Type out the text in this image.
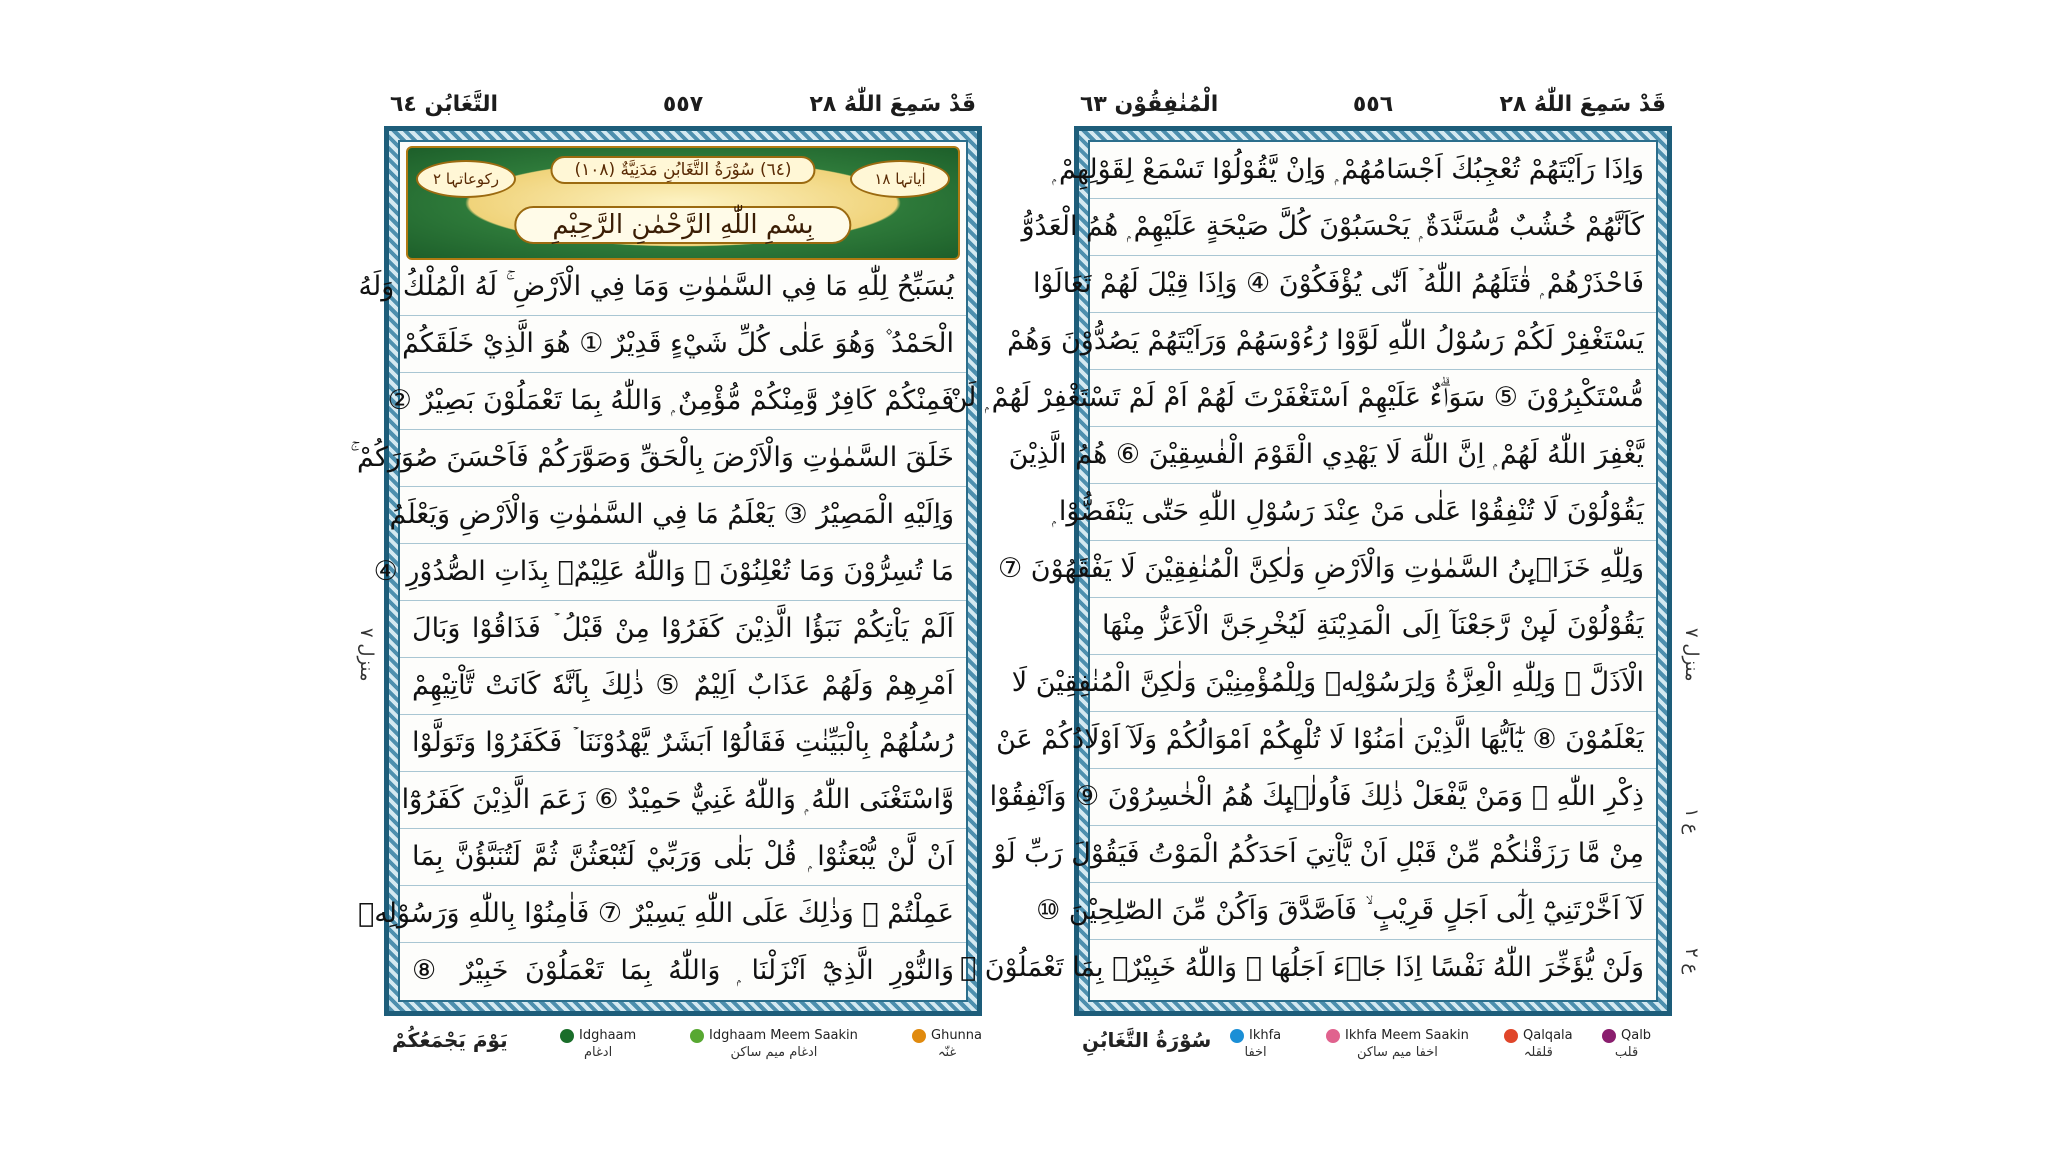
التَّغَابُن ٦٤	٥٥٧	قَدْ سَمِعَ اللّٰهُ ٢٨
اٰیاتہا ١٨
(٦٤) سُوْرَةُ التَّغَابُنِ مَدَنِيَّةٌ (١٠٨)
رکوعاتہا ٢
بِسْمِ اللّٰهِ الرَّحْمٰنِ الرَّحِيْمِ
يُسَبِّحُ لِلّٰهِ مَا فِي السَّمٰوٰتِ وَمَا فِي الْاَرْضِ ۚ لَهُ الْمُلْكُ وَلَهُ
الْحَمْدُ ۫ وَهُوَ عَلٰى كُلِّ شَيْءٍ قَدِيْرٌ ① هُوَ الَّذِيْ خَلَقَكُمْ
فَمِنْكُمْ كَافِرٌ وَّمِنْكُمْ مُّؤْمِنٌ ۭ وَاللّٰهُ بِمَا تَعْمَلُوْنَ بَصِيْرٌ ②
خَلَقَ السَّمٰوٰتِ وَالْاَرْضَ بِالْحَقِّ وَصَوَّرَكُمْ فَاَحْسَنَ صُوَرَكُمْ ۚ
وَاِلَيْهِ الْمَصِيْرُ ③ يَعْلَمُ مَا فِي السَّمٰوٰتِ وَالْاَرْضِ وَيَعْلَمُ
مَا تُسِرُّوْنَ وَمَا تُعْلِنُوْنَ ۭ وَاللّٰهُ عَلِيْمٌۢ بِذَاتِ الصُّدُوْرِ ④
اَلَمْ يَاْتِكُمْ نَبَؤُا الَّذِيْنَ كَفَرُوْا مِنْ قَبْلُ ۡ فَذَاقُوْا وَبَالَ
اَمْرِهِمْ وَلَهُمْ عَذَابٌ اَلِيْمٌ ⑤ ذٰلِكَ بِاَنَّهٗ كَانَتْ تَّاْتِيْهِمْ
رُسُلُهُمْ بِالْبَيِّنٰتِ فَقَالُوْٓا اَبَشَرٌ يَّهْدُوْنَنَا ۡ فَكَفَرُوْا وَتَوَلَّوْا
وَّاسْتَغْنَى اللّٰهُ ۭ وَاللّٰهُ غَنِيٌّ حَمِيْدٌ ⑥ زَعَمَ الَّذِيْنَ كَفَرُوْٓا
اَنْ لَّنْ يُّبْعَثُوْا ۭ قُلْ بَلٰى وَرَبِّيْ لَتُبْعَثُنَّ ثُمَّ لَتُنَبَّؤُنَّ بِمَا
عَمِلْتُمْ ۭ وَذٰلِكَ عَلَى اللّٰهِ يَسِيْرٌ ⑦ فَاٰمِنُوْا بِاللّٰهِ وَرَسُوْلِهٖ
وَالنُّوْرِ الَّذِيْٓ اَنْزَلْنَا ۭ وَاللّٰهُ بِمَا تَعْمَلُوْنَ خَبِيْرٌ ⑧
منزل ٧
يَوْمَ يَجْمَعُكُمْ	Idghaam
ادغام
Idghaam Meem Saakin
ادغام میم ساکن
Ghunna
غنّہ
الْمُنٰفِقُوْن ٦٣	٥٥٦	قَدْ سَمِعَ اللّٰهُ ٢٨
وَاِذَا رَاَيْتَهُمْ تُعْجِبُكَ اَجْسَامُهُمْ ۭ وَاِنْ يَّقُوْلُوْا تَسْمَعْ لِقَوْلِهِمْ ۭ
كَاَنَّهُمْ خُشُبٌ مُّسَنَّدَةٌ ۭ يَحْسَبُوْنَ كُلَّ صَيْحَةٍ عَلَيْهِمْ ۭ هُمُ الْعَدُوُّ
فَاحْذَرْهُمْ ۭ قٰتَلَهُمُ اللّٰهُ ۡ اَنّٰى يُؤْفَكُوْنَ ④ وَاِذَا قِيْلَ لَهُمْ تَعَالَوْا
يَسْتَغْفِرْ لَكُمْ رَسُوْلُ اللّٰهِ لَوَّوْا رُءُوْسَهُمْ وَرَاَيْتَهُمْ يَصُدُّوْنَ وَهُمْ
مُّسْتَكْبِرُوْنَ ⑤ سَوَاۗءٌ عَلَيْهِمْ اَسْتَغْفَرْتَ لَهُمْ اَمْ لَمْ تَسْتَغْفِرْ لَهُمْ ۭ لَنْ
يَّغْفِرَ اللّٰهُ لَهُمْ ۭ اِنَّ اللّٰهَ لَا يَهْدِي الْقَوْمَ الْفٰسِقِيْنَ ⑥ هُمُ الَّذِيْنَ
يَقُوْلُوْنَ لَا تُنْفِقُوْا عَلٰى مَنْ عِنْدَ رَسُوْلِ اللّٰهِ حَتّٰى يَنْفَضُّوْا ۭ
وَلِلّٰهِ خَزَاۗىِٕنُ السَّمٰوٰتِ وَالْاَرْضِ وَلٰكِنَّ الْمُنٰفِقِيْنَ لَا يَفْقَهُوْنَ ⑦
يَقُوْلُوْنَ لَىِٕنْ رَّجَعْنَآ اِلَى الْمَدِيْنَةِ لَيُخْرِجَنَّ الْاَعَزُّ مِنْهَا
الْاَذَلَّ ۭ وَلِلّٰهِ الْعِزَّةُ وَلِرَسُوْلِهٖ وَلِلْمُؤْمِنِيْنَ وَلٰكِنَّ الْمُنٰفِقِيْنَ لَا
يَعْلَمُوْنَ ⑧ يٰٓاَيُّهَا الَّذِيْنَ اٰمَنُوْا لَا تُلْهِكُمْ اَمْوَالُكُمْ وَلَآ اَوْلَادُكُمْ عَنْ
ذِكْرِ اللّٰهِ ۚ وَمَنْ يَّفْعَلْ ذٰلِكَ فَاُولٰۗىِٕكَ هُمُ الْخٰسِرُوْنَ ⑨ وَاَنْفِقُوْا
مِنْ مَّا رَزَقْنٰكُمْ مِّنْ قَبْلِ اَنْ يَّاْتِيَ اَحَدَكُمُ الْمَوْتُ فَيَقُوْلَ رَبِّ لَوْ
لَآ اَخَّرْتَنِيْٓ اِلٰٓى اَجَلٍ قَرِيْبٍ ۙ فَاَصَّدَّقَ وَاَكُنْ مِّنَ الصّٰلِحِيْنَ ⑩
وَلَنْ يُّؤَخِّرَ اللّٰهُ نَفْسًا اِذَا جَاۗءَ اَجَلُهَا ۭ وَاللّٰهُ خَبِيْرٌۢ بِمَا تَعْمَلُوْنَ ⑪
منزل ٧
ع ١
ع ٢
سُوْرَةُ التَّغَابُنِ	Ikhfa
اخفا
Ikhfa Meem Saakin
اخفا میم ساکن
Qalqala
قلقلہ
Qalb
قلب
